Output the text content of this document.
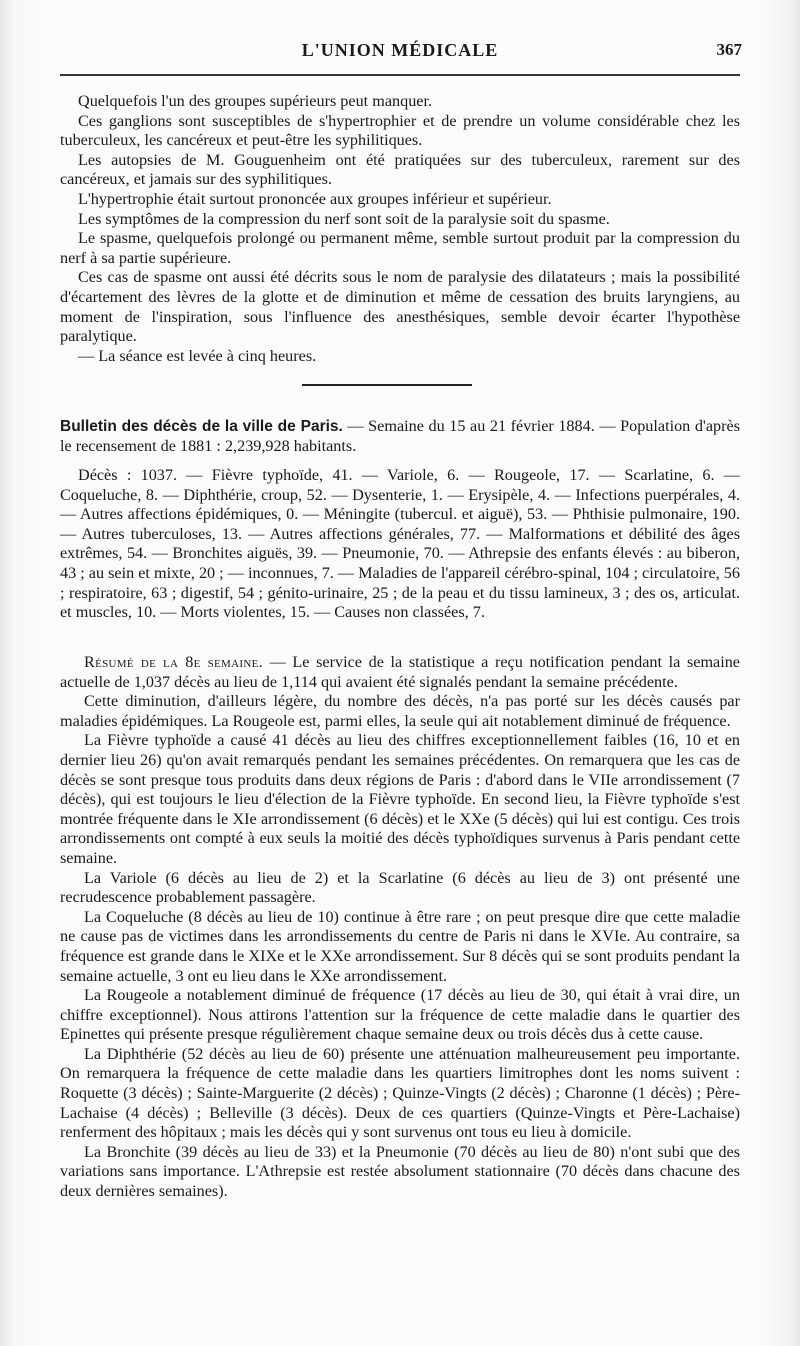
L'UNION MÉDICALE	367

Quelquefois l'un des groupes supérieurs peut manquer.

Ces ganglions sont susceptibles de s'hypertrophier et de prendre un volume considérable chez les tuberculeux, les cancéreux et peut-être les syphilitiques.

Les autopsies de M. Gouguenheim ont été pratiquées sur des tuberculeux, rarement sur des cancéreux, et jamais sur des syphilitiques.

L'hypertrophie était surtout prononcée aux groupes inférieur et supérieur.

Les symptômes de la compression du nerf sont soit de la paralysie soit du spasme.

Le spasme, quelquefois prolongé ou permanent même, semble surtout produit par la compression du nerf à sa partie supérieure.

Ces cas de spasme ont aussi été décrits sous le nom de paralysie des dilatateurs ; mais la possibilité d'écartement des lèvres de la glotte et de diminution et même de cessation des bruits laryngiens, au moment de l'inspiration, sous l'influence des anesthésiques, semble devoir écarter l'hypothèse paralytique.

— La séance est levée à cinq heures.

Bulletin des décès de la ville de Paris. — Semaine du 15 au 21 février 1884. — Population d'après le recensement de 1881 : 2,239,928 habitants.

Décès : 1037. — Fièvre typhoïde, 41. — Variole, 6. — Rougeole, 17. — Scarlatine, 6. — Coqueluche, 8. — Diphthérie, croup, 52. — Dysenterie, 1. — Erysipèle, 4. — Infections puerpérales, 4. — Autres affections épidémiques, 0. — Méningite (tubercul. et aiguë), 53. — Phthisie pulmonaire, 190. — Autres tuberculoses, 13. — Autres affections générales, 77. — Malformations et débilité des âges extrêmes, 54. — Bronchites aiguës, 39. — Pneumonie, 70. — Athrepsie des enfants élevés : au biberon, 43 ; au sein et mixte, 20 ; — inconnues, 7. — Maladies de l'appareil cérébro-spinal, 104 ; circulatoire, 56 ; respiratoire, 63 ; digestif, 54 ; génito-urinaire, 25 ; de la peau et du tissu lamineux, 3 ; des os, articulat. et muscles, 10. — Morts violentes, 15. — Causes non classées, 7.

Résumé de la 8e semaine. — Le service de la statistique a reçu notification pendant la semaine actuelle de 1,037 décès au lieu de 1,114 qui avaient été signalés pendant la semaine précédente.

Cette diminution, d'ailleurs légère, du nombre des décès, n'a pas porté sur les décès causés par maladies épidémiques. La Rougeole est, parmi elles, la seule qui ait notablement diminué de fréquence.

La Fièvre typhoïde a causé 41 décès au lieu des chiffres exceptionnellement faibles (16, 10 et en dernier lieu 26) qu'on avait remarqués pendant les semaines précédentes. On remarquera que les cas de décès se sont presque tous produits dans deux régions de Paris : d'abord dans le VIIe arrondissement (7 décès), qui est toujours le lieu d'élection de la Fièvre typhoïde. En second lieu, la Fièvre typhoïde s'est montrée fréquente dans le XIe arrondissement (6 décès) et le XXe (5 décès) qui lui est contigu. Ces trois arrondissements ont compté à eux seuls la moitié des décès typhoïdiques survenus à Paris pendant cette semaine.

La Variole (6 décès au lieu de 2) et la Scarlatine (6 décès au lieu de 3) ont présenté une recrudescence probablement passagère.

La Coqueluche (8 décès au lieu de 10) continue à être rare ; on peut presque dire que cette maladie ne cause pas de victimes dans les arrondissements du centre de Paris ni dans le XVIe. Au contraire, sa fréquence est grande dans le XIXe et le XXe arrondissement. Sur 8 décès qui se sont produits pendant la semaine actuelle, 3 ont eu lieu dans le XXe arrondissement.

La Rougeole a notablement diminué de fréquence (17 décès au lieu de 30, qui était à vrai dire, un chiffre exceptionnel). Nous attirons l'attention sur la fréquence de cette maladie dans le quartier des Epinettes qui présente presque régulièrement chaque semaine deux ou trois décès dus à cette cause.

La Diphthérie (52 décès au lieu de 60) présente une atténuation malheureusement peu importante. On remarquera la fréquence de cette maladie dans les quartiers limitrophes dont les noms suivent : Roquette (3 décès) ; Sainte-Marguerite (2 décès) ; Quinze-Vingts (2 décès) ; Charonne (1 décès) ; Père-Lachaise (4 décès) ; Belleville (3 décès). Deux de ces quartiers (Quinze-Vingts et Père-Lachaise) renferment des hôpitaux ; mais les décès qui y sont survenus ont tous eu lieu à domicile.

La Bronchite (39 décès au lieu de 33) et la Pneumonie (70 décès au lieu de 80) n'ont subi que des variations sans importance. L'Athrepsie est restée absolument stationnaire (70 décès dans chacune des deux dernières semaines).
